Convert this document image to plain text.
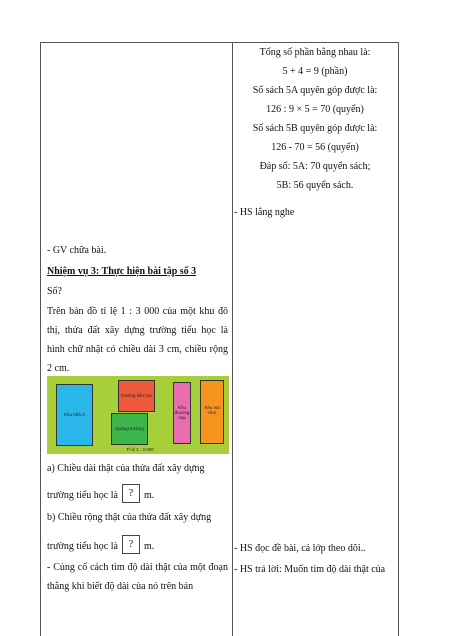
Tổng số phần bằng nhau là:
5 + 4 = 9 (phần)
Số sách 5A quyên góp được là:
126 : 9 × 5 = 70 (quyển)
Số sách 5B quyên góp được là:
126 - 70 = 56 (quyển)
Đáp số: 5A: 70 quyển sách;
5B: 56 quyển sách.
- HS lắng nghe
- HS đọc đề bài, cả lớp theo dõi..
- HS trả lời: Muốn tìm độ dài thật của
- GV chữa bài.
Nhiệm vụ 3: Thực hiện bài tập số 3
Số?
Trên bản đồ tỉ lệ 1 : 3 000 của một khu đô thị, thửa đất xây dựng trường tiểu học là hình chữ nhật có chiều dài 3 cm, chiều rộng 2 cm.
Khu nhà ở
Trường tiểu học
Quảng trường
Khu thương mại
Khu vui chơi
Tỉ lệ 1 : 3 000
a) Chiều dài thật của thửa đất xây dựng
trường tiểu học là ? m.
b) Chiều rộng thật của thửa đất xây dựng
trường tiểu học là ? m.
- Củng cố cách tìm độ dài thật của một đoạn thẳng khi biết độ dài của nó trên bản
